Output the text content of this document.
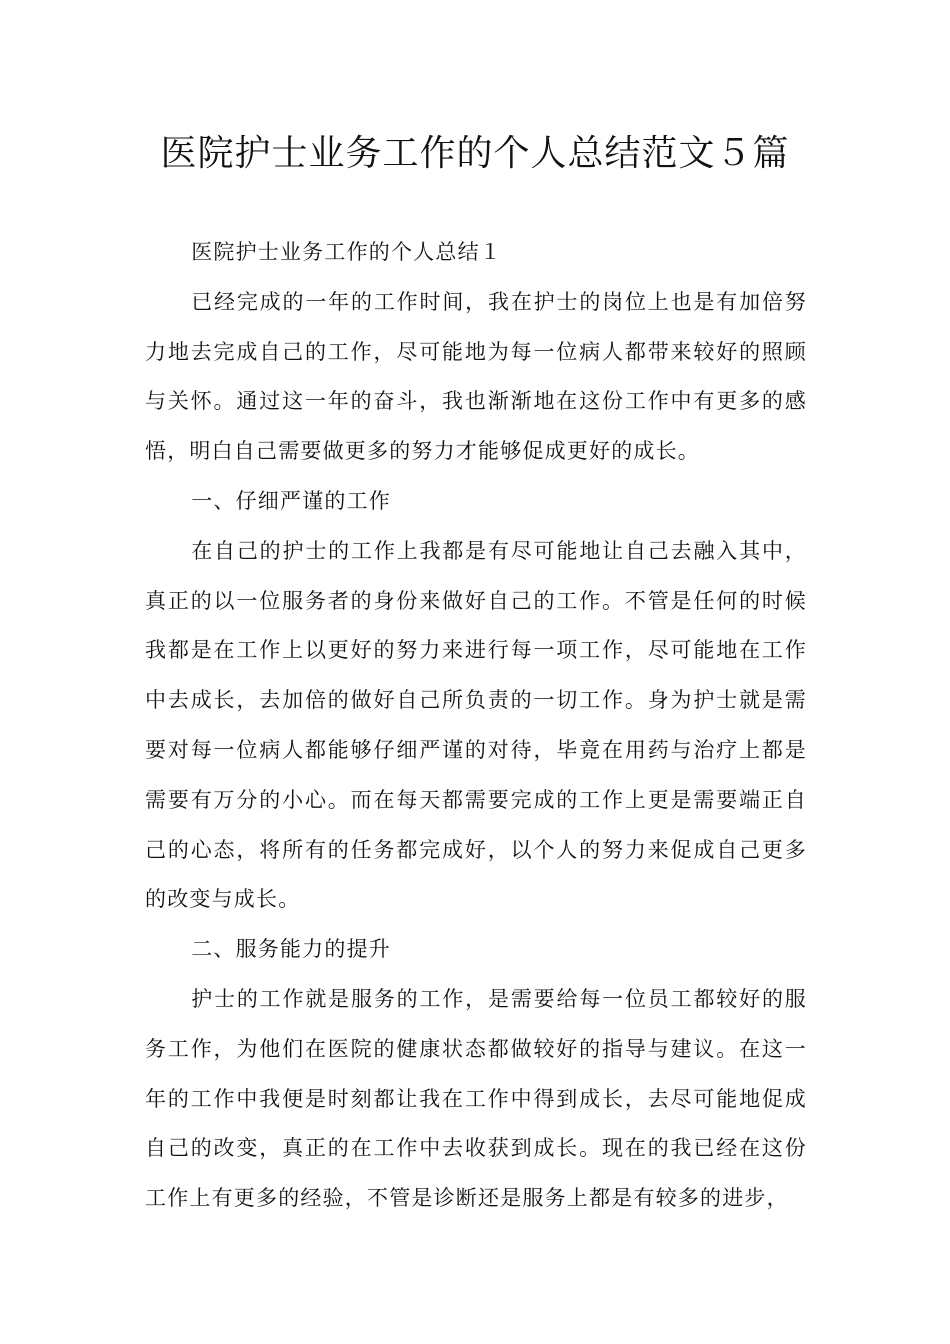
医院护士业务工作的个人总结范文５篇

医院护士业务工作的个人总结１

已经完成的一年的工作时间，我在护士的岗位上也是有加倍努力地去完成自己的工作，尽可能地为每一位病人都带来较好的照顾与关怀。通过这一年的奋斗，我也渐渐地在这份工作中有更多的感悟，明白自己需要做更多的努力才能够促成更好的成长。

一、仔细严谨的工作

在自己的护士的工作上我都是有尽可能地让自己去融入其中，真正的以一位服务者的身份来做好自己的工作。不管是任何的时候我都是在工作上以更好的努力来进行每一项工作，尽可能地在工作中去成长，去加倍的做好自己所负责的一切工作。身为护士就是需要对每一位病人都能够仔细严谨的对待，毕竟在用药与治疗上都是需要有万分的小心。而在每天都需要完成的工作上更是需要端正自己的心态，将所有的任务都完成好，以个人的努力来促成自己更多的改变与成长。

二、服务能力的提升

护士的工作就是服务的工作，是需要给每一位员工都较好的服务工作，为他们在医院的健康状态都做较好的指导与建议。在这一年的工作中我便是时刻都让我在工作中得到成长，去尽可能地促成自己的改变，真正的在工作中去收获到成长。现在的我已经在这份工作上有更多的经验，不管是诊断还是服务上都是有较多的进步，
